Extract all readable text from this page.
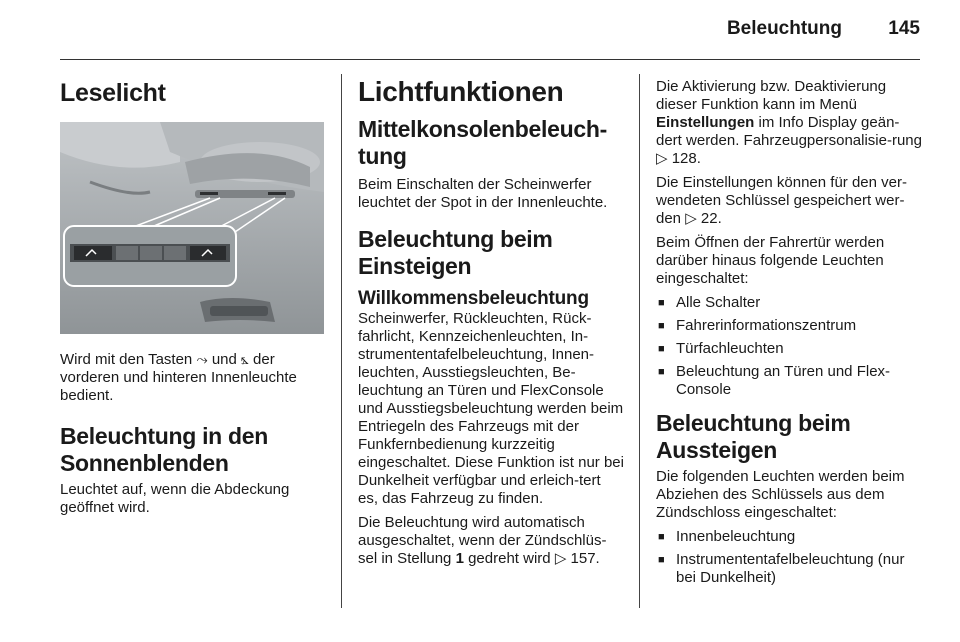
Beleuchtung 145
Leselicht

Wird mit den Tasten ⤳ und ⦩ der vorderen und hinteren Innenleuchte bedient.

Beleuchtung in den Sonnenblenden

Leuchtet auf, wenn die Abdeckung geöffnet wird.

Lichtfunktionen
Mittelkonsolenbeleuch-tung

Beim Einschalten der Scheinwerfer leuchtet der Spot in der Innenleuchte.

Beleuchtung beim Einsteigen
Willkommensbeleuchtung

Scheinwerfer, Rückleuchten, Rück-fahrlicht, Kennzeichenleuchten, In-strumententafelbeleuchtung, Innen-leuchten, Ausstiegsleuchten, Be-leuchtung an Türen und FlexConsole und Ausstiegsbeleuchtung werden beim Entriegeln des Fahrzeugs mit der Funkfernbedienung kurzzeitig eingeschaltet. Diese Funktion ist nur bei Dunkelheit verfügbar und erleich-tert es, das Fahrzeug zu finden.

Die Beleuchtung wird automatisch ausgeschaltet, wenn der Zündschlüs-sel in Stellung 1 gedreht wird ▷ 157.

Die Aktivierung bzw. Deaktivierung dieser Funktion kann im Menü Einstellungen im Info Display geän-dert werden. Fahrzeugpersonalisie-rung ▷ 128.

Die Einstellungen können für den ver-wendeten Schlüssel gespeichert wer-den ▷ 22.

Beim Öffnen der Fahrertür werden darüber hinaus folgende Leuchten eingeschaltet:

■ Alle Schalter
■ Fahrerinformationszentrum
■ Türfachleuchten
■ Beleuchtung an Türen und Flex-Console
Beleuchtung beim Aussteigen

Die folgenden Leuchten werden beim Abziehen des Schlüssels aus dem Zündschloss eingeschaltet:

■ Innenbeleuchtung
■ Instrumententafelbeleuchtung (nur bei Dunkelheit)
